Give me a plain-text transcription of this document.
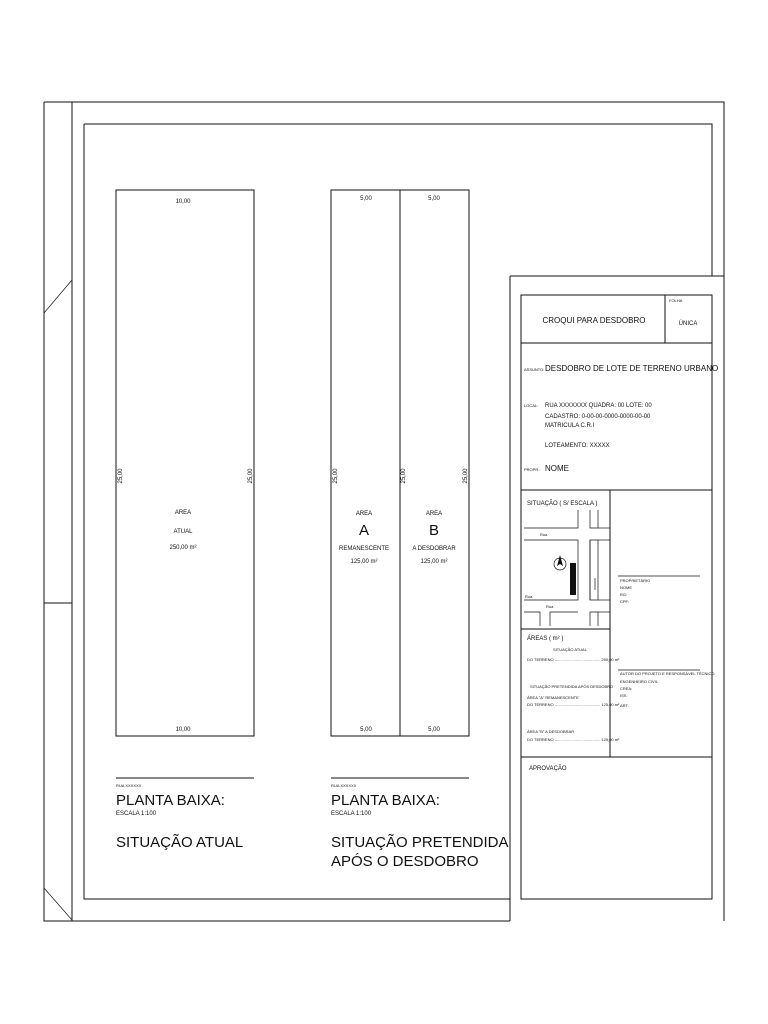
10,00
10,00
25,00	25,00
AREA
ATUAL
250,00 m²
RUA XXXXXX
PLANTA BAIXA:
ESCALA 1:100
SITUAÇÃO ATUAL
5,00	5,00
5,00	5,00
25,00	25,00	25,00
AREA
A
REMANESCENTE
125,00 m²
AREA
B
A DESDOBRAR
125,00 m²
RUA XXXXXX
PLANTA BAIXA:
ESCALA 1:100
SITUAÇÃO PRETENDIDA
APÓS O DESDOBRO
CROQUI PARA DESDOBRO
FOLHA
ÚNICA
ASSUNTO: DESDOBRO DE LOTE DE TERRENO URBANO
LOCAL: RUA XXXXXXX QUADRA: 00 LOTE: 00
CADASTRO: 0-00-00-0000-0000-00-00
MATRICULA C.R.I
LOTEAMENTO: XXXXX
PROPR.: NOME
SITUAÇÃO ( S/ ESCALA )
Rua
Rua
Rua
PROPRIETÁRIO
NOME
RG:
CPF:
ÁREAS ( m² )
SITUAÇÃO ATUAL
DO TERRENO ......................................... 250,00 m²
SITUAÇÃO PRETENDIDA APÓS DESDOBRO
ÁREA "A" REMANESCENTE
DO TERRENO ......................................... 125,00 m²
ÁREA "B" A DESDOBRAR
DO TERRENO ......................................... 125,00 m²
AUTOR DO PROJETO E RESPONSÁVEL TÉCNICO
ENGENHEIRO CIVIL
CREA:
ISS:
ART:
APROVAÇÃO
